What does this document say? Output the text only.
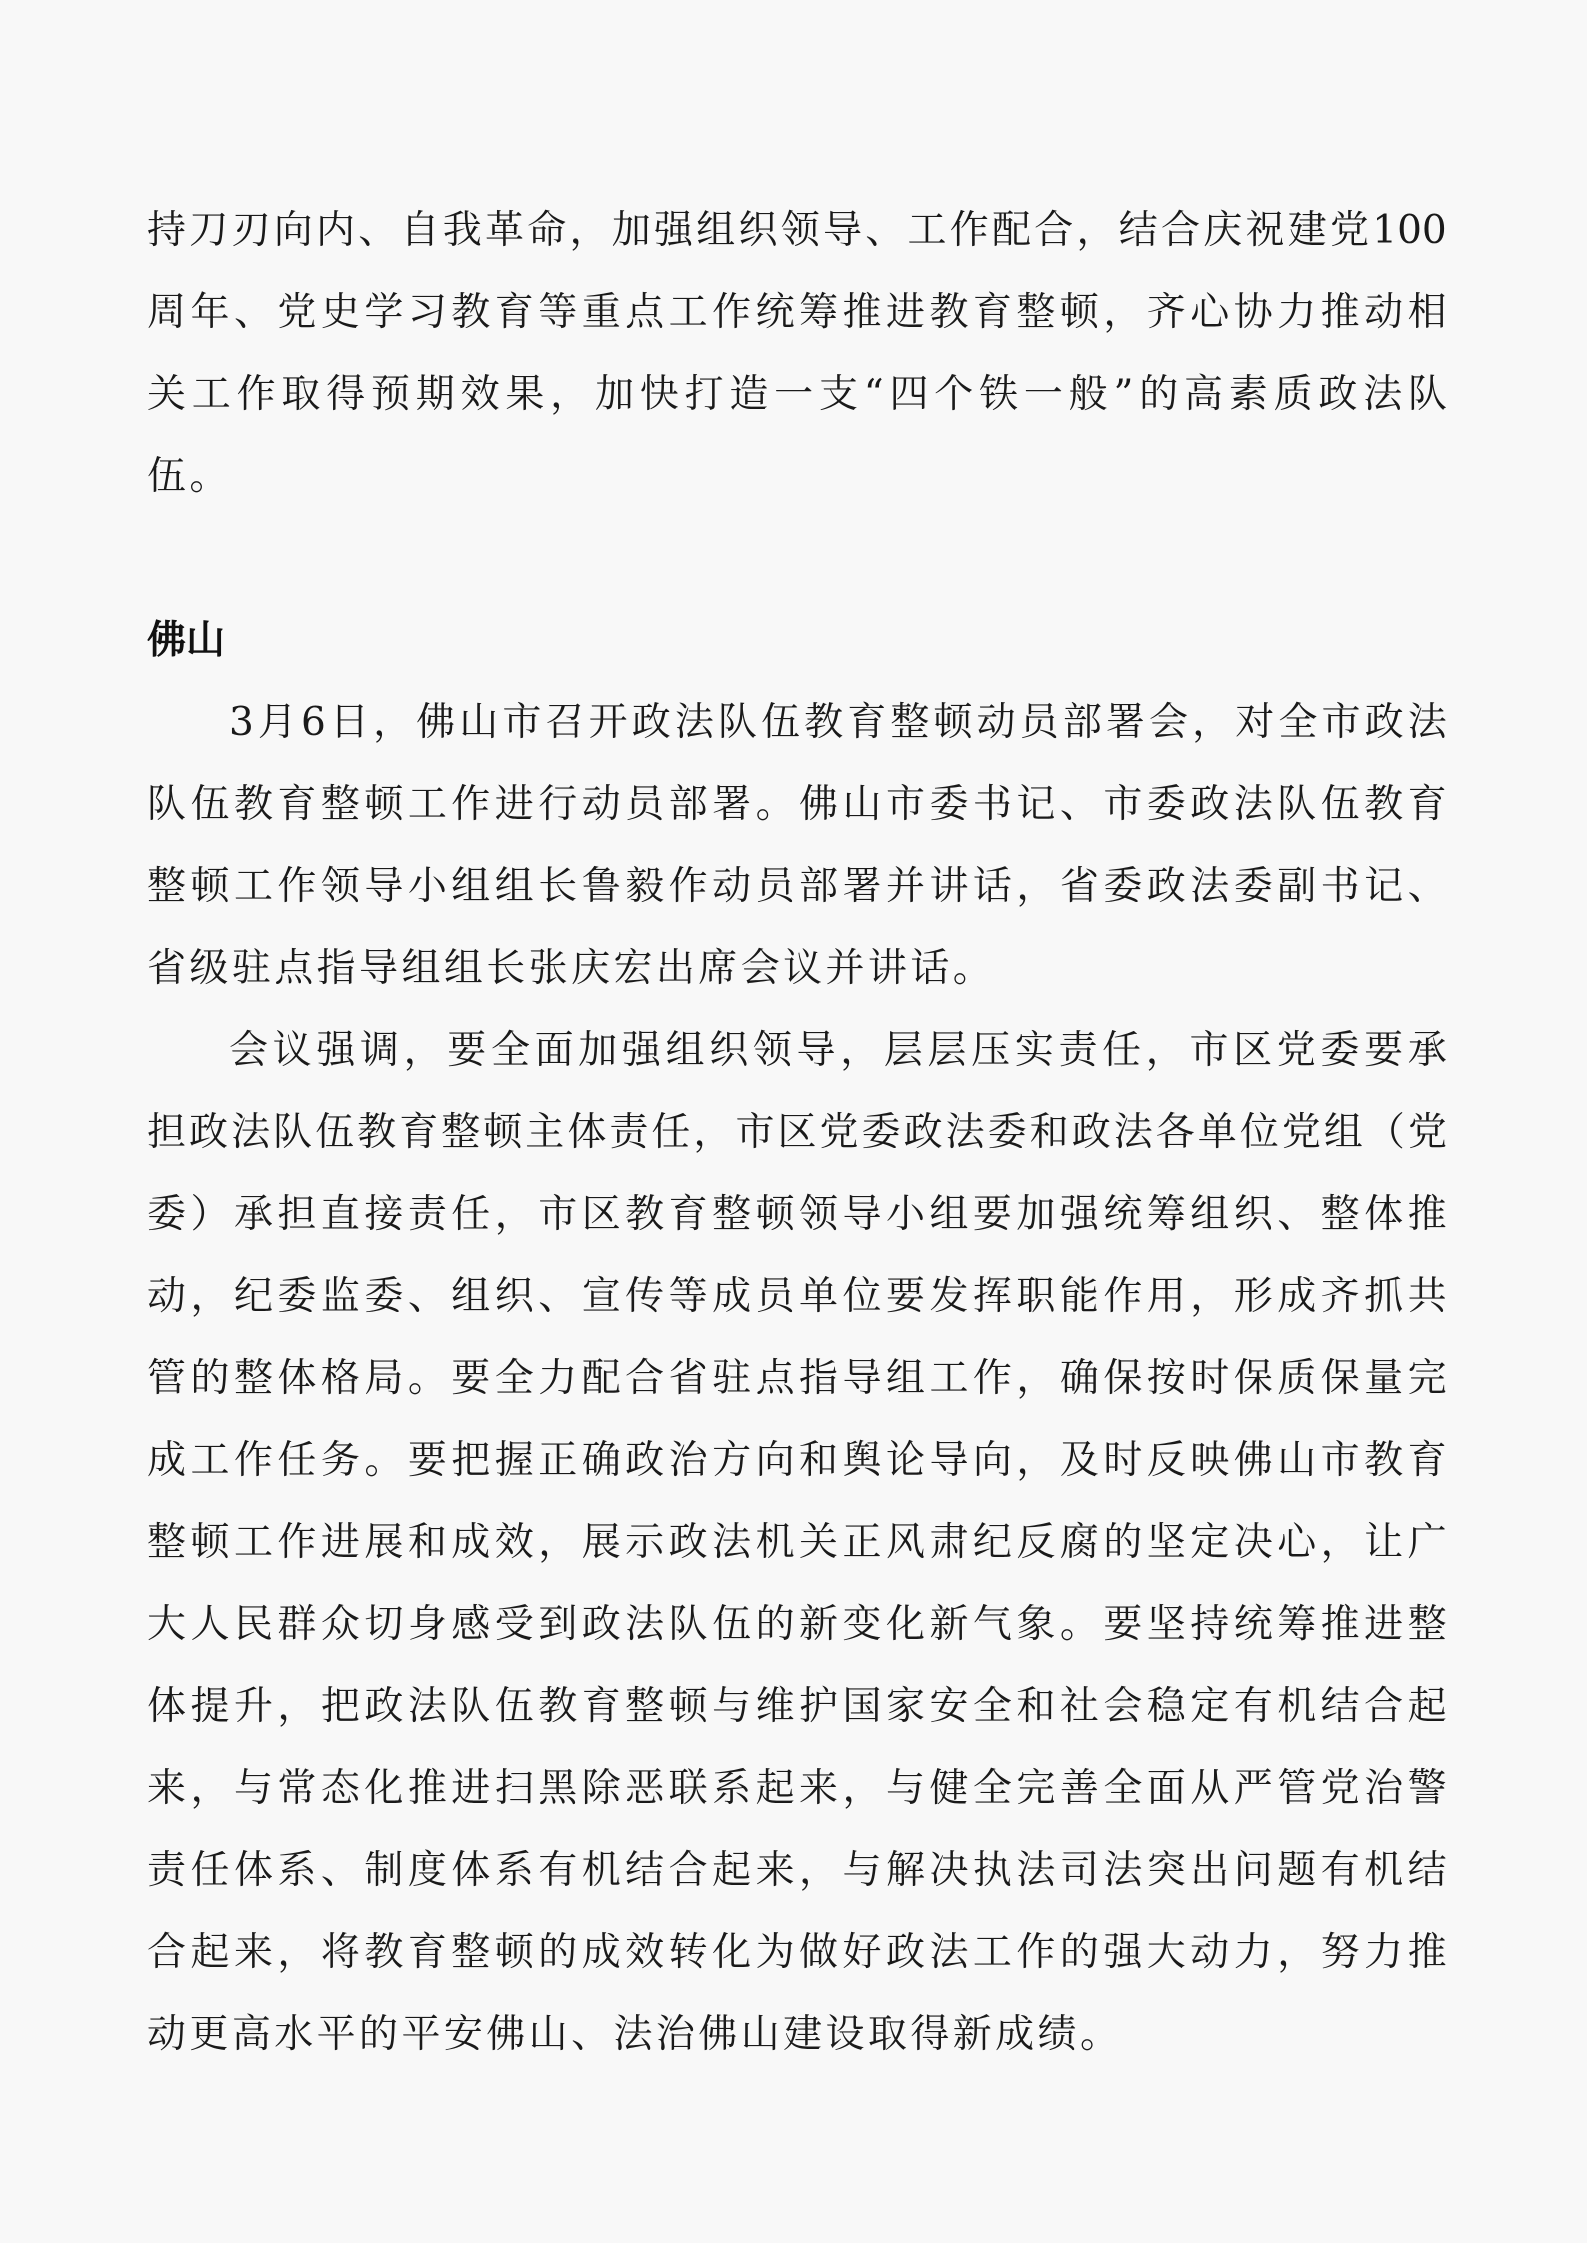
持 刀 刃 向 内 、 自 我 革 命 ， 加 强 组 织 领 导 、 工 作 配 合 ， 结 合 庆 祝 建 党 100
周 年 、 党 史 学 习 教 育 等 重 点 工 作 统 筹 推 进 教 育 整 顿 ， 齐 心 协 力 推 动 相
关 工 作 取 得 预 期 效 果 ， 加 快 打 造 一 支 “ 四 个 铁 一 般 ” 的 高 素 质 政 法 队
伍 。
佛山
3 月 6 日 ， 佛 山 市 召 开 政 法 队 伍 教 育 整 顿 动 员 部 署 会 ， 对 全 市 政 法
队 伍 教 育 整 顿 工 作 进 行 动 员 部 署 。 佛 山 市 委 书 记 、 市 委 政 法 队 伍 教 育
整 顿 工 作 领 导 小 组 组 长 鲁 毅 作 动 员 部 署 并 讲 话 ， 省 委 政 法 委 副 书 记 、
省 级 驻 点 指 导 组 组 长 张 庆 宏 出 席 会 议 并 讲 话 。
会 议 强 调 ， 要 全 面 加 强 组 织 领 导 ， 层 层 压 实 责 任 ， 市 区 党 委 要 承
担 政 法 队 伍 教 育 整 顿 主 体 责 任 ， 市 区 党 委 政 法 委 和 政 法 各 单 位 党 组 （ 党
委 ） 承 担 直 接 责 任 ， 市 区 教 育 整 顿 领 导 小 组 要 加 强 统 筹 组 织 、 整 体 推
动 ， 纪 委 监 委 、 组 织 、 宣 传 等 成 员 单 位 要 发 挥 职 能 作 用 ， 形 成 齐 抓 共
管 的 整 体 格 局 。 要 全 力 配 合 省 驻 点 指 导 组 工 作 ， 确 保 按 时 保 质 保 量 完
成 工 作 任 务 。 要 把 握 正 确 政 治 方 向 和 舆 论 导 向 ， 及 时 反 映 佛 山 市 教 育
整 顿 工 作 进 展 和 成 效 ， 展 示 政 法 机 关 正 风 肃 纪 反 腐 的 坚 定 决 心 ， 让 广
大 人 民 群 众 切 身 感 受 到 政 法 队 伍 的 新 变 化 新 气 象 。 要 坚 持 统 筹 推 进 整
体 提 升 ， 把 政 法 队 伍 教 育 整 顿 与 维 护 国 家 安 全 和 社 会 稳 定 有 机 结 合 起
来 ， 与 常 态 化 推 进 扫 黑 除 恶 联 系 起 来 ， 与 健 全 完 善 全 面 从 严 管 党 治 警
责 任 体 系 、 制 度 体 系 有 机 结 合 起 来 ， 与 解 决 执 法 司 法 突 出 问 题 有 机 结
合 起 来 ， 将 教 育 整 顿 的 成 效 转 化 为 做 好 政 法 工 作 的 强 大 动 力 ， 努 力 推
动 更 高 水 平 的 平 安 佛 山 、 法 治 佛 山 建 设 取 得 新 成 绩 。
